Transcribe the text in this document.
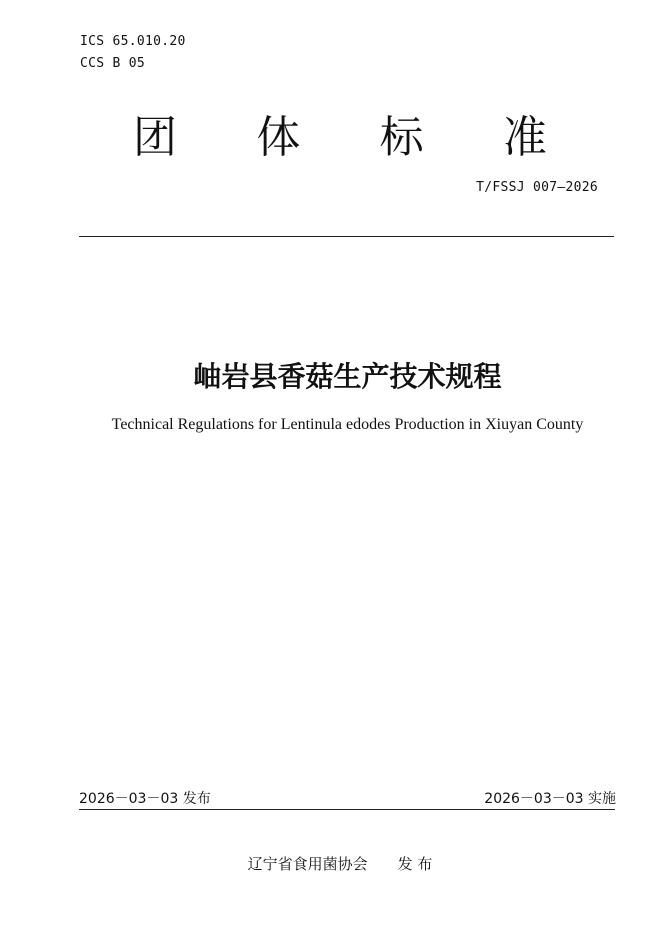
ICS 65.010.20
CCS B 05
团 体 标 准
T/FSSJ 007—2026
岫岩县香菇生产技术规程
Technical Regulations for Lentinula edodes Production in Xiuyan County
2026－03－03 发布	2026－03－03 实施
辽宁省食用菌协会 发 布
